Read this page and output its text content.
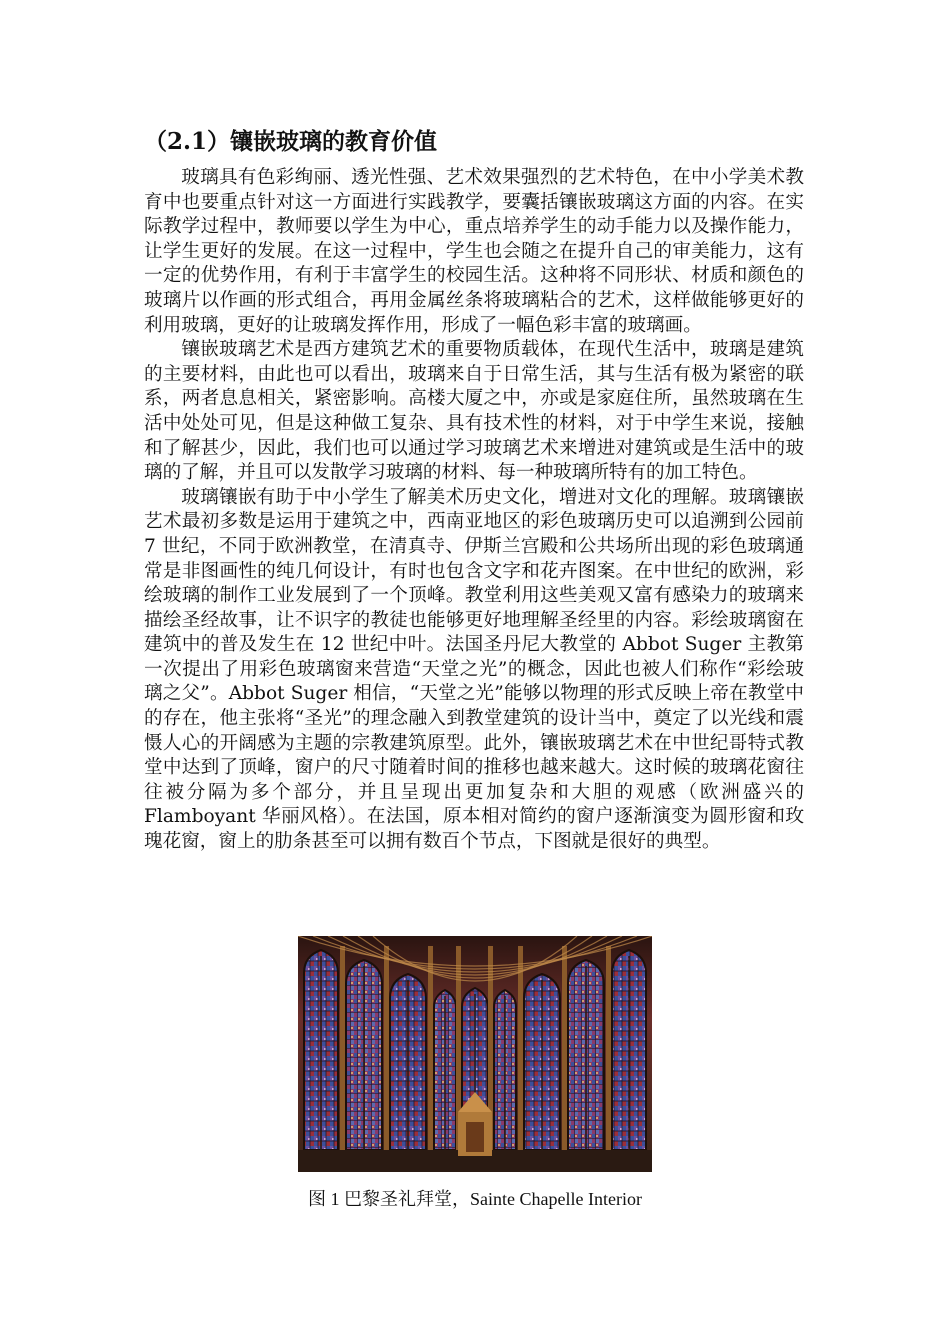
（2.1）镶嵌玻璃的教育价值

玻璃具有色彩绚丽、透光性强、艺术效果强烈的艺术特色，在中小学美术教育中也要重点针对这一方面进行实践教学，要囊括镶嵌玻璃这方面的内容。在实际教学过程中，教师要以学生为中心，重点培养学生的动手能力以及操作能力，让学生更好的发展。在这一过程中，学生也会随之在提升自己的审美能力，这有一定的优势作用，有利于丰富学生的校园生活。这种将不同形状、材质和颜色的玻璃片以作画的形式组合，再用金属丝条将玻璃粘合的艺术，这样做能够更好的利用玻璃，更好的让玻璃发挥作用，形成了一幅色彩丰富的玻璃画。

镶嵌玻璃艺术是西方建筑艺术的重要物质载体，在现代生活中，玻璃是建筑的主要材料，由此也可以看出，玻璃来自于日常生活，其与生活有极为紧密的联系，两者息息相关，紧密影响。高楼大厦之中，亦或是家庭住所，虽然玻璃在生活中处处可见，但是这种做工复杂、具有技术性的材料，对于中学生来说，接触和了解甚少，因此，我们也可以通过学习玻璃艺术来增进对建筑或是生活中的玻璃的了解，并且可以发散学习玻璃的材料、每一种玻璃所特有的加工特色。

玻璃镶嵌有助于中小学生了解美术历史文化，增进对文化的理解。玻璃镶嵌艺术最初多数是运用于建筑之中，西南亚地区的彩色玻璃历史可以追溯到公园前 7 世纪，不同于欧洲教堂，在清真寺、伊斯兰宫殿和公共场所出现的彩色玻璃通常是非图画性的纯几何设计，有时也包含文字和花卉图案。在中世纪的欧洲，彩绘玻璃的制作工业发展到了一个顶峰。教堂利用这些美观又富有感染力的玻璃来描绘圣经故事，让不识字的教徒也能够更好地理解圣经里的内容。彩绘玻璃窗在建筑中的普及发生在 12 世纪中叶。法国圣丹尼大教堂的 Abbot Suger 主教第一次提出了用彩色玻璃窗来营造“天堂之光”的概念，因此也被人们称作“彩绘玻璃之父”。Abbot Suger 相信，“天堂之光”能够以物理的形式反映上帝在教堂中的存在，他主张将“圣光”的理念融入到教堂建筑的设计当中，奠定了以光线和震慑人心的开阔感为主题的宗教建筑原型。此外，镶嵌玻璃艺术在中世纪哥特式教堂中达到了顶峰，窗户的尺寸随着时间的推移也越来越大。这时候的玻璃花窗往往被分隔为多个部分，并且呈现出更加复杂和大胆的观感（欧洲盛兴的 Flamboyant 华丽风格）。在法国，原本相对简约的窗户逐渐演变为圆形窗和玫瑰花窗，窗上的肋条甚至可以拥有数百个节点，下图就是很好的典型。

图 1 巴黎圣礼拜堂，Sainte Chapelle Interior
